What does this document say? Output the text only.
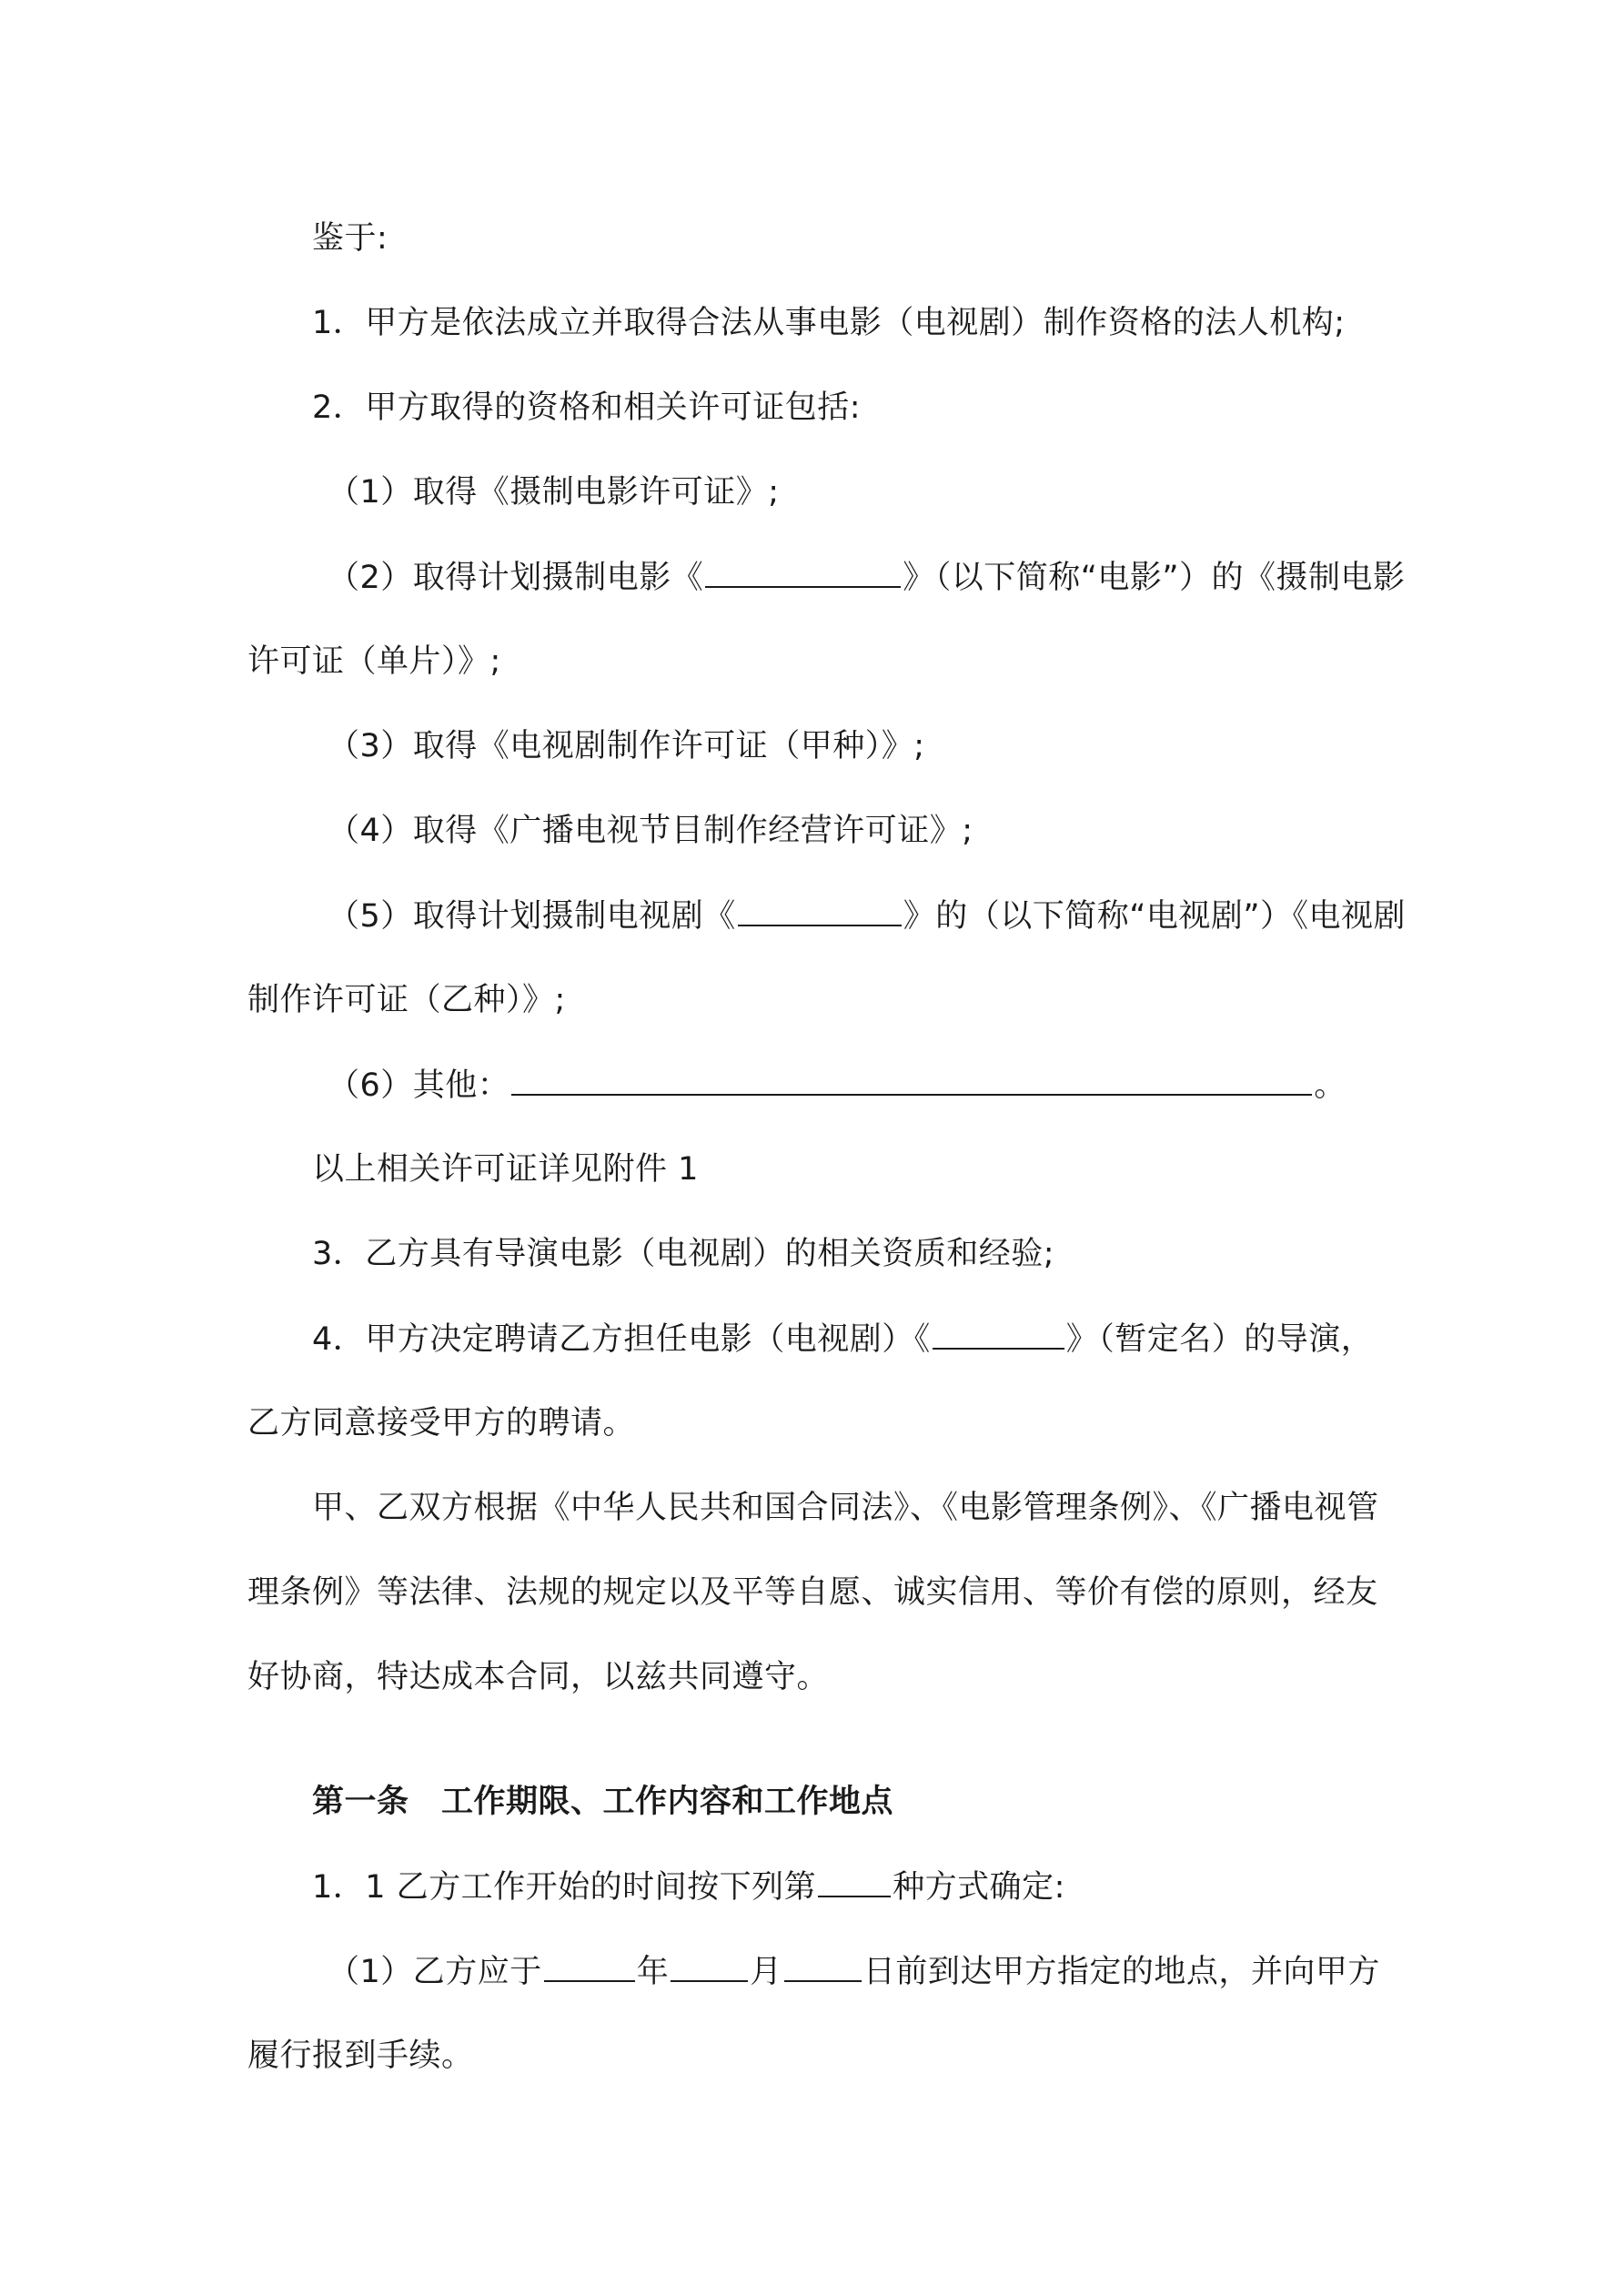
鉴于:
1．甲方是依法成立并取得合法从事电影（电视剧）制作资格的法人机构;
2．甲方取得的资格和相关许可证包括:
（1）取得《摄制电影许可证》;
（2）取得计划摄制电影《	》（以下简称“电影”）的《摄制电影
许可证（单片）》;
（3）取得《电视剧制作许可证（甲种）》;
（4）取得《广播电视节目制作经营许可证》;
（5）取得计划摄制电视剧《	》的（以下简称“电视剧”）《电视剧
制作许可证（乙种）》;
（6）其他：	。
以上相关许可证详见附件 1
3．乙方具有导演电影（电视剧）的相关资质和经验;
4．甲方决定聘请乙方担任电影（电视剧）《	》（暂定名）的导演，
乙方同意接受甲方的聘请。
甲、乙双方根据《中华人民共和国合同法》、《电影管理条例》、《广播电视管
理条例》等法律、法规的规定以及平等自愿、诚实信用、等价有偿的原则，经友
好协商，特达成本合同，以兹共同遵守。
第一条　工作期限、工作内容和工作地点
1．1 乙方工作开始的时间按下列第 种方式确定:
（1）乙方应于	年	月	日前到达甲方指定的地点，并向甲方
履行报到手续。
